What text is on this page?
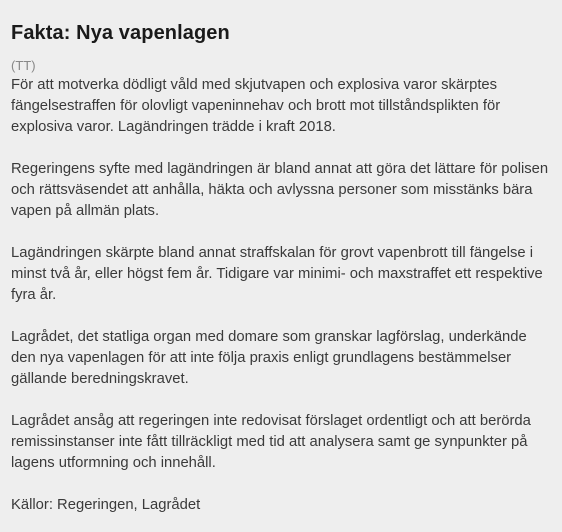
Fakta: Nya vapenlagen
(TT)

För att motverka dödligt våld med skjutvapen och explosiva varor skärptes fängelsestraffen för olovligt vapeninnehav och brott mot tillståndsplikten för explosiva varor. Lagändringen trädde i kraft 2018.

Regeringens syfte med lagändringen är bland annat att göra det lättare för polisen och rättsväsendet att anhålla, häkta och avlyssna personer som misstänks bära vapen på allmän plats.

Lagändringen skärpte bland annat straffskalan för grovt vapenbrott till fängelse i minst två år, eller högst fem år. Tidigare var minimi- och maxstraffet ett respektive fyra år.

Lagrådet, det statliga organ med domare som granskar lagförslag, underkände den nya vapenlagen för att inte följa praxis enligt grundlagens bestämmelser gällande beredningskravet.

Lagrådet ansåg att regeringen inte redovisat förslaget ordentligt och att berörda remissinstanser inte fått tillräckligt med tid att analysera samt ge synpunkter på lagens utformning och innehåll.

Källor: Regeringen, Lagrådet
